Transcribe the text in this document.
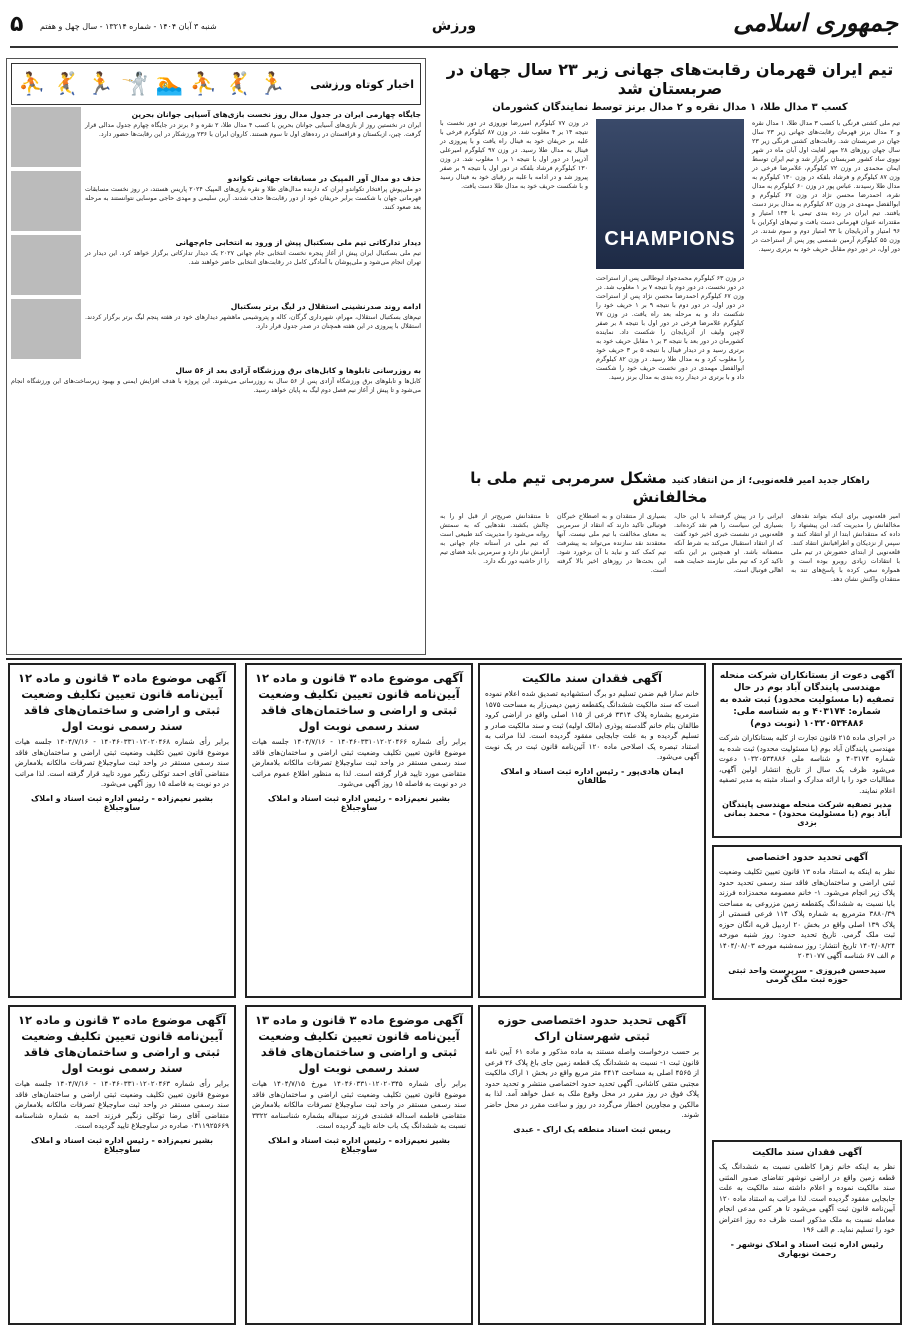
جمهوری اسلامی
ورزش
شنبه ۳ آبان ۱۴۰۴ - شماره ۱۳۲۱۴ - سال چهل و هفتم
۵
تیم ایران قهرمان رقابت‌های جهانی زیر ۲۳ سال جهان در صربستان شد
کسب ۳ مدال طلا، ۱ مدال نقره و ۲ مدال برنز توسط نمایندگان کشورمان
تیم ملی کشتی فرنگی با کسب ۳ مدال طلا، ۱ مدال نقره و ۲ مدال برنز قهرمان رقابت‌های جهانی زیر ۲۳ سال جهان در صربستان شد. رقابت‌های کشتی فرنگی زیر ۲۳ سال جهان روزهای ۲۸ مهر لغایت اول آبان ماه در شهر نووی ساد کشور صربستان برگزار شد و تیم ایران توسط ایمان محمدی در وزن ۷۲ کیلوگرم، غلامرضا فرخی در وزن ۸۷ کیلوگرم و فرشاد بلفکه در وزن ۱۳۰ کیلوگرم به مدال طلا رسیدند. عباس پور در وزن ۶۰ کیلوگرم به مدال نقره، احمدرضا محسن نژاد در وزن ۶۷ کیلوگرم و ابوالفضل مهمدی در وزن ۸۲ کیلوگرم به مدال برنز دست یافتند. تیم ایران در رده بندی تیمی با ۱۴۳ امتیاز و مقتدرانه عنوان قهرمانی دست یافت و تیم‌های اوکراین با ۹۶ امتیاز و آذربایجان با ۹۳ امتیاز دوم و سوم شدند. در وزن ۵۵ کیلوگرم آرمین شمسی پور پس از استراحت در دور اول، در دور دوم مقابل حریف خود به برتری رسید.
CHAMPIONS
در وزن ۶۳ کیلوگرم محمدجواد ابوطالبی پس از استراحت در دور نخست، در دور دوم با نتیجه ۷ بر ۱ مغلوب شد. در وزن ۶۷ کیلوگرم احمدرضا محسن نژاد پس از استراحت در دور اول، در دور دوم با نتیجه ۹ بر ۱ حریف خود را شکست داد و به مرحله بعد راه یافت. در وزن ۷۷ کیلوگرم غلامرضا فرخی در دور اول با نتیجه ۸ بر صفر لاچین ولیف از آذربایجان را شکست داد. نماینده کشورمان در دور بعد با نتیجه ۳ بر ۱ مقابل حریف خود به برتری رسید و در دیدار فینال با نتیجه ۵ بر ۳ حریف خود را مغلوب کرد و به مدال طلا رسید. در وزن ۸۲ کیلوگرم ابوالفضل مهمدی در دور نخست حریف خود را شکست داد و با برتری در دیدار رده بندی به مدال برنز رسید.
در وزن ۷۷ کیلوگرم امیررضا نوروزی در دور نخست با نتیجه ۱۴ بر ۴ مغلوب شد. در وزن ۸۷ کیلوگرم فرخی با غلبه بر حریفان خود به فینال راه یافت و با پیروزی در فینال به مدال طلا رسید. در وزن ۹۷ کیلوگرم امیرعلی آذرپیرا در دور اول با نتیجه ۱ بر ۱ مغلوب شد. در وزن ۱۳۰ کیلوگرم فرشاد بلفکه در دور اول با نتیجه ۹ بر صفر پیروز شد و در ادامه با غلبه بر رقبای خود به فینال رسید و با شکست حریف خود به مدال طلا دست یافت.
راهکار جدید امیر قلعه‌نویی؛ از من انتقاد کنید مشکل سرمربی تیم ملی با مخالفانش
امیر قلعه‌نویی برای اینکه بتواند نقدهای مخالفانش را مدیریت کند، این پیشنهاد را داده که منتقدانش ابتدا از او انتقاد کنند و سپس از نزدیکان و اطرافیانش انتقاد کنند. قلعه‌نویی از ابتدای حضورش در تیم ملی با انتقادات زیادی روبرو بوده است و همواره سعی کرده با پاسخ‌های تند به منتقدان واکنش نشان دهد.
ایرانی را در پیش گرفته‌اند با این حال، بسیاری این سیاست را هم نقد کرده‌اند. قلعه‌نویی در نشست خبری اخیر خود گفت که از انتقاد استقبال می‌کند به شرط آنکه منصفانه باشد. او همچنین بر این نکته تاکید کرد که تیم ملی نیازمند حمایت همه اهالی فوتبال است.
بسیاری از منتقدان و به اصطلاح خبرگان فوتبالی تاکید دارند که انتقاد از سرمربی به معنای مخالفت با تیم ملی نیست. آنها معتقدند نقد سازنده می‌تواند به پیشرفت تیم کمک کند و نباید با آن برخورد شود. این بحث‌ها در روزهای اخیر بالا گرفته است.
تا منتقدانش صریح‌تر از قبل او را به چالش بکشند. نقدهایی که به سمتش روانه می‌شود را مدیریت کند طبیعی است که تیم ملی در آستانه جام جهانی به آرامش نیاز دارد و سرمربی باید فضای تیم را از حاشیه دور نگه دارد.
اخبار کوتاه ورزشی
🏃 🤾 ⛹ 🏊 🤺 🏃 🤾 ⛹
جایگاه چهارمی ایران در جدول مدال روز نخست بازی‌های آسیایی جوانان بحرین
ایران در نخستین روز از بازی‌های آسیایی جوانان بحرین با کسب ۴ مدال طلا، ۲ نقره و ۶ برنز در جایگاه چهارم جدول مدالی قرار گرفت. چین، ازبکستان و قزاقستان در رده‌های اول تا سوم هستند. کاروان ایران با ۲۳۶ ورزشکار در این رقابت‌ها حضور دارد.
حذف دو مدال آور المپیک در مسابقات جهانی تکواندو
دو ملی‌پوش پرافتخار تکواندو ایران که دارنده مدال‌های طلا و نقره بازی‌های المپیک ۲۰۲۴ پاریس هستند، در روز نخست مسابقات قهرمانی جهان با شکست برابر حریفان خود از دور رقابت‌ها حذف شدند. آرین سلیمی و مهدی حاجی موسایی نتوانستند به مرحله بعد صعود کنند.
دیدار تدارکاتی تیم ملی بسکتبال پیش از ورود به انتخابی جام‌جهانی
تیم ملی بسکتبال ایران پیش از آغاز پنجره نخست انتخابی جام جهانی ۲۰۲۷ یک دیدار تدارکاتی برگزار خواهد کرد. این دیدار در تهران انجام می‌شود و ملی‌پوشان با آمادگی کامل در رقابت‌های انتخابی حاضر خواهند شد.
ادامه روند صدرنشینی استقلال در لیگ برتر بسکتبال
تیم‌های بسکتبال استقلال، مهرام، شهرداری گرگان، کاله و پتروشیمی ماهشهر دیدارهای خود در هفته پنجم لیگ برتر برگزار کردند. استقلال با پیروزی در این هفته همچنان در صدر جدول قرار دارد.
به روزرسانی تابلوها و کابل‌های برق ورزشگاه آزادی بعد از ۵۶ سال
کابل‌ها و تابلوهای برق ورزشگاه آزادی پس از ۵۶ سال به روزرسانی می‌شوند. این پروژه با هدف افزایش ایمنی و بهبود زیرساخت‌های این ورزشگاه انجام می‌شود و تا پیش از آغاز نیم فصل دوم لیگ به پایان خواهد رسید.
آگهی دعوت از بستانکاران شرکت منحله مهندسی پایندگان آباد بوم در حال تصفیه (با مسئولیت محدود) ثبت شده به شماره: ۴۰۳۱۷۴ و به شناسه ملی: ۱۰۳۲۰۵۳۴۸۸۶ (نوبت دوم)
در اجرای ماده ۲۱۵ قانون تجارت از کلیه بستانکاران شرکت مهندسی پایندگان آباد بوم (با مسئولیت محدود) ثبت شده به شماره ۴۰۳۱۷۴ و شناسه ملی ۱۰۳۲۰۵۳۴۸۸۶ دعوت می‌شود ظرف یک سال از تاریخ انتشار اولین آگهی، مطالبات خود را با ارائه مدارک و اسناد مثبته به مدیر تصفیه اعلام نمایند.
مدیر تصفیه شرکت منحله مهندسی پایندگان آباد بوم (با مسئولیت محدود) - محمد بمانی بزدی
آگهی فقدان سند مالکیت
خانم سارا قیم ضمن تسلیم دو برگ استشهادیه تصدیق شده اعلام نموده است که سند مالکیت ششدانگ یکقطعه زمین دیمی‌زار به مساحت ۱۵۷۵ مترمربع بشماره پلاک ۳۳۱۴ فرعی از ۱۱۵ اصلی واقع در اراضی کرود طالقان بنام خانم گلدسته پوذری (مالک اولیه) ثبت و سند مالکیت صادر و تسلیم گردیده و به علت جابجایی مفقود گردیده است. لذا مراتب به استناد تبصره یک اصلاحی ماده ۱۲۰ آئین‌نامه قانون ثبت در یک نوبت آگهی می‌شود.
ایمان هادی‌پور - رئیس اداره ثبت اسناد و املاک طالقان
آگهی موضوع ماده ۳ قانون و ماده ۱۲ آیین‌نامه قانون تعیین تکلیف وضعیت ثبتی و اراضی و ساختمان‌های فاقد سند رسمی نوبت اول
برابر رأی شماره ۱۴۰۴۶۰۳۳۱۰۱۲۰۲۰۴۶۶ - ۱۴۰۴/۷/۱۶ جلسه هیات موضوع قانون تعیین تکلیف وضعیت ثبتی اراضی و ساختمان‌های فاقد سند رسمی مستقر در واحد ثبت ساوجبلاغ تصرفات مالکانه بلامعارض متقاضی مورد تایید قرار گرفته است. لذا به منظور اطلاع عموم مراتب در دو نوبت به فاصله ۱۵ روز آگهی می‌شود.
بشیر نعیم‌زاده - رئیس اداره ثبت اسناد و املاک ساوجبلاغ
آگهی موضوع ماده ۳ قانون و ماده ۱۲ آیین‌نامه قانون تعیین تکلیف وضعیت ثبتی و اراضی و ساختمان‌های فاقد سند رسمی نوبت اول
برابر رأی شماره ۱۴۰۴۶۰۳۳۱۰۱۲۰۲۰۴۶۸ - ۱۴۰۴/۷/۱۶ جلسه هیات موضوع قانون تعیین تکلیف وضعیت ثبتی اراضی و ساختمان‌های فاقد سند رسمی مستقر در واحد ثبت ساوجبلاغ تصرفات مالکانه بلامعارض متقاضی آقای احمد توکلی زنگیر مورد تایید قرار گرفته است. لذا مراتب در دو نوبت به فاصله ۱۵ روز آگهی می‌شود.
بشیر نعیم‌زاده - رئیس اداره ثبت اسناد و املاک ساوجبلاغ
آگهی تحدید حدود اختصاصی
نظر به اینکه به استناد ماده ۱۳ قانون تعیین تکلیف وضعیت ثبتی اراضی و ساختمان‌های فاقد سند رسمی تحدید حدود پلاک زیر انجام می‌شود. ۱- خانم معصومه محمدزاده فرزند بابا نسبت به ششدانگ یکقطعه زمین مزروعی به مساحت ۳۸۸۰/۳۹ مترمربع به شماره پلاک ۱۱۴ فرعی قسمتی از پلاک ۱۳۹ اصلی واقع در بخش ۲۰ اردبیل قریه انگان حوزه ثبت ملک گرمی. تاریخ تحدید حدود: روز شنبه مورخه ۱۴۰۴/۰۸/۲۴ تاریخ انتشار: روز سه‌شنبه مورخه ۱۴۰۴/۰۸/۰۳ م الف ۶۷ شناسه آگهی ۲۰۳۱۰۷۷
سیدحسن فیروزی - سرپرست واحد ثبتی حوزه ثبت ملک گرمی
آگهی تحدید حدود اختصاصی حوزه ثبتی شهرستان اراک
بر حسب درخواست واصله مستند به ماده مذکور و ماده ۶۱ آیین نامه قانون ثبت ۱- نسبت به ششدانگ یک قطعه زمین جای باغ پلاک ۲۶ فرعی از ۴۵۶۵ اصلی به مساحت ۴۴۱۴ متر مربع واقع در بخش ۱ اراک مالکیت مجتبی متقی کاشانی. آگهی تحدید حدود اختصاصی منتشر و تحدید حدود پلاک فوق در روز مقرر در محل وقوع ملک به عمل خواهد آمد. لذا به مالکین و مجاورین اخطار می‌گردد در روز و ساعت مقرر در محل حاضر شوند.
رییس ثبت اسناد منطقه یک اراک - عبدی
آگهی موضوع ماده ۳ قانون و ماده ۱۳ آیین‌نامه قانون تعیین تکلیف وضعیت ثبتی و اراضی و ساختمان‌های فاقد سند رسمی نوبت اول
برابر رأی شماره ۱۴۰۴۶۰۳۳۱۰۱۲۰۲۰۳۴۵ مورخ ۱۴۰۴/۷/۱۵ هیات موضوع قانون تعیین تکلیف وضعیت ثبتی اراضی و ساختمان‌های فاقد سند رسمی مستقر در واحد ثبت ساوجبلاغ تصرفات مالکانه بلامعارض متقاضی فاطمه اسداله فشندی فرزند سیفاله بشماره شناسنامه ۳۳۲۲ نسبت به ششدانگ یک باب خانه تایید گردیده است.
بشیر نعیم‌زاده - رئیس اداره ثبت اسناد و املاک ساوجبلاغ
آگهی موضوع ماده ۳ قانون و ماده ۱۲ آیین‌نامه قانون تعیین تکلیف وضعیت ثبتی و اراضی و ساختمان‌های فاقد سند رسمی نوبت اول
برابر رأی شماره ۱۴۰۴۶۰۳۳۱۰۱۲۰۲۰۴۶۳ - ۱۴۰۴/۷/۱۶ جلسه هیات موضوع قانون تعیین تکلیف وضعیت ثبتی اراضی و ساختمان‌های فاقد سند رسمی مستقر در واحد ثبت ساوجبلاغ تصرفات مالکانه بلامعارض متقاضی آقای رضا توکلی زنگیر فرزند احمد به شماره شناسنامه ۰۳۱۱۹۲۵۶۶۹ صادره در ساوجبلاغ تایید گردیده است.
بشیر نعیم‌زاده - رئیس اداره ثبت اسناد و املاک ساوجبلاغ	آگهی فقدان سند مالکیت
نظر به اینکه خانم زهرا کاظمی نسبت به ششدانگ یک قطعه زمین واقع در اراضی نوشهر تقاضای صدور المثنی سند مالکیت نموده و اعلام داشته سند مالکیت به علت جابجایی مفقود گردیده است. لذا مراتب به استناد ماده ۱۲۰ آیین‌نامه قانون ثبت آگهی می‌شود تا هر کس مدعی انجام معامله نسبت به ملک مذکور است ظرف ده روز اعتراض خود را تسلیم نماید. م الف ۱۹۶
رئیس اداره ثبت اسناد و املاک نوشهر - رحمت نوبهاری
